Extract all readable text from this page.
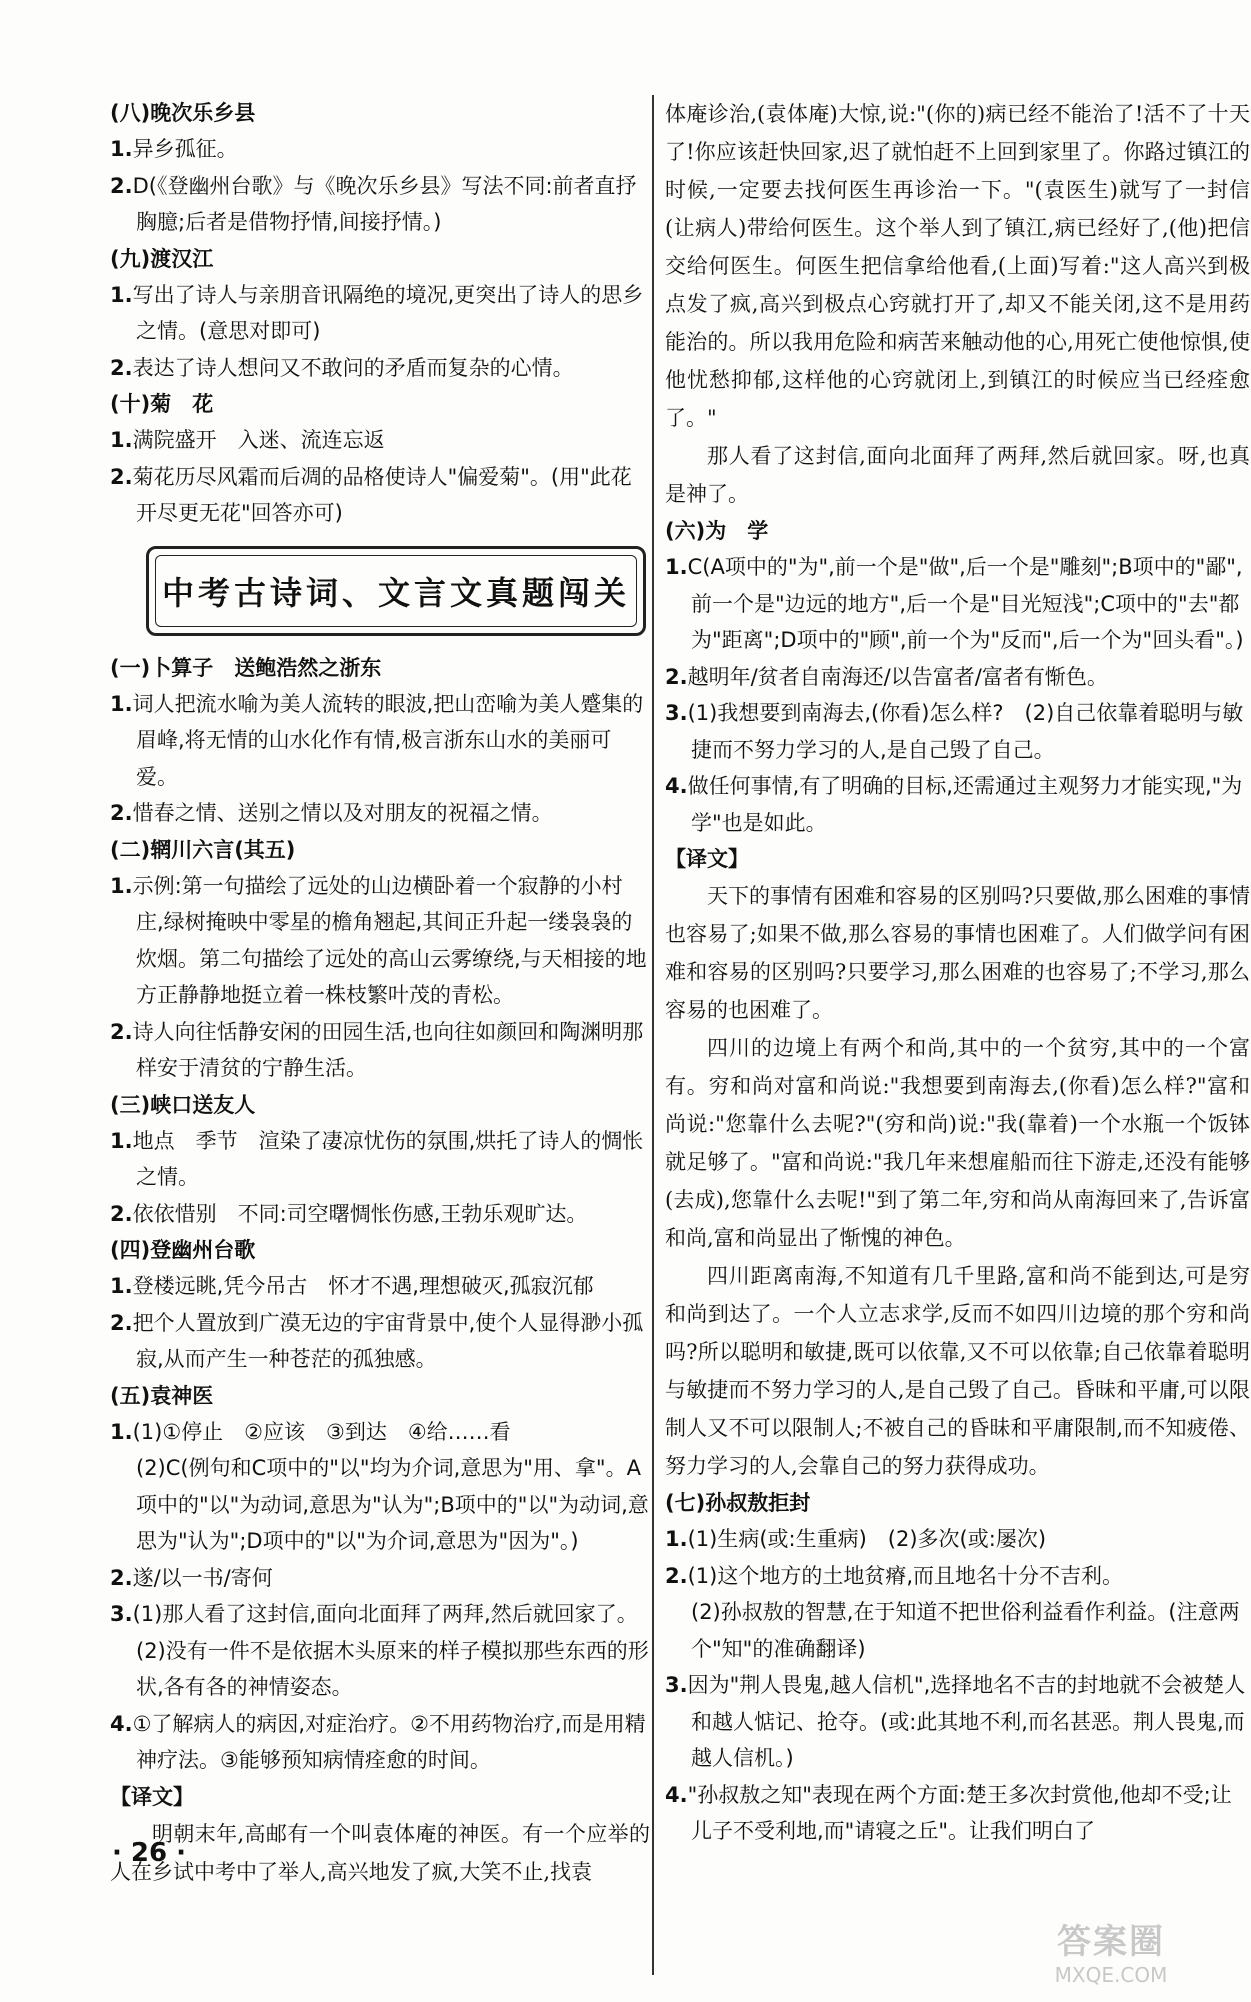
(八)晚次乐乡县

1.异乡孤征。

2.D(《登幽州台歌》与《晚次乐乡县》写法不同:前者直抒胸臆;后者是借物抒情,间接抒情。)

(九)渡汉江

1.写出了诗人与亲朋音讯隔绝的境况,更突出了诗人的思乡之情。(意思对即可)

2.表达了诗人想问又不敢问的矛盾而复杂的心情。

(十)菊　花

1.满院盛开　入迷、流连忘返

2.菊花历尽风霜而后凋的品格使诗人"偏爱菊"。(用"此花开尽更无花"回答亦可)

中考古诗词、文言文真题闯关

(一)卜算子　送鲍浩然之浙东

1.词人把流水喻为美人流转的眼波,把山峦喻为美人蹙集的眉峰,将无情的山水化作有情,极言浙东山水的美丽可爱。

2.惜春之情、送别之情以及对朋友的祝福之情。

(二)辋川六言(其五)

1.示例:第一句描绘了远处的山边横卧着一个寂静的小村庄,绿树掩映中零星的檐角翘起,其间正升起一缕袅袅的炊烟。第二句描绘了远处的高山云雾缭绕,与天相接的地方正静静地挺立着一株枝繁叶茂的青松。

2.诗人向往恬静安闲的田园生活,也向往如颜回和陶渊明那样安于清贫的宁静生活。

(三)峡口送友人

1.地点　季节　渲染了凄凉忧伤的氛围,烘托了诗人的惆怅之情。

2.依依惜别　不同:司空曙惆怅伤感,王勃乐观旷达。

(四)登幽州台歌

1.登楼远眺,凭今吊古　怀才不遇,理想破灭,孤寂沉郁

2.把个人置放到广漠无边的宇宙背景中,使个人显得渺小孤寂,从而产生一种苍茫的孤独感。

(五)袁神医

1.(1)①停止　②应该　③到达　④给……看

(2)C(例句和C项中的"以"均为介词,意思为"用、拿"。A项中的"以"为动词,意思为"认为";B项中的"以"为动词,意思为"认为";D项中的"以"为介词,意思为"因为"。)

2.遂/以一书/寄何

3.(1)那人看了这封信,面向北面拜了两拜,然后就回家了。

(2)没有一件不是依据木头原来的样子模拟那些东西的形状,各有各的神情姿态。

4.①了解病人的病因,对症治疗。②不用药物治疗,而是用精神疗法。③能够预知病情痊愈的时间。

【译文】

明朝末年,高邮有一个叫袁体庵的神医。有一个应举的人在乡试中考中了举人,高兴地发了疯,大笑不止,找袁

体庵诊治,(袁体庵)大惊,说:"(你的)病已经不能治了!活不了十天了!你应该赶快回家,迟了就怕赶不上回到家里了。你路过镇江的时候,一定要去找何医生再诊治一下。"(袁医生)就写了一封信(让病人)带给何医生。这个举人到了镇江,病已经好了,(他)把信交给何医生。何医生把信拿给他看,(上面)写着:"这人高兴到极点发了疯,高兴到极点心窍就打开了,却又不能关闭,这不是用药能治的。所以我用危险和病苦来触动他的心,用死亡使他惊惧,使他忧愁抑郁,这样他的心窍就闭上,到镇江的时候应当已经痊愈了。"

那人看了这封信,面向北面拜了两拜,然后就回家。呀,也真是神了。

(六)为　学

1.C(A项中的"为",前一个是"做",后一个是"雕刻";B项中的"鄙",前一个是"边远的地方",后一个是"目光短浅";C项中的"去"都为"距离";D项中的"顾",前一个为"反而",后一个为"回头看"。)

2.越明年/贫者自南海还/以告富者/富者有惭色。

3.(1)我想要到南海去,(你看)怎么样?　(2)自己依靠着聪明与敏捷而不努力学习的人,是自己毁了自己。

4.做任何事情,有了明确的目标,还需通过主观努力才能实现,"为学"也是如此。

【译文】

天下的事情有困难和容易的区别吗?只要做,那么困难的事情也容易了;如果不做,那么容易的事情也困难了。人们做学问有困难和容易的区别吗?只要学习,那么困难的也容易了;不学习,那么容易的也困难了。

四川的边境上有两个和尚,其中的一个贫穷,其中的一个富有。穷和尚对富和尚说:"我想要到南海去,(你看)怎么样?"富和尚说:"您靠什么去呢?"(穷和尚)说:"我(靠着)一个水瓶一个饭钵就足够了。"富和尚说:"我几年来想雇船而往下游走,还没有能够(去成),您靠什么去呢!"到了第二年,穷和尚从南海回来了,告诉富和尚,富和尚显出了惭愧的神色。

四川距离南海,不知道有几千里路,富和尚不能到达,可是穷和尚到达了。一个人立志求学,反而不如四川边境的那个穷和尚吗?所以聪明和敏捷,既可以依靠,又不可以依靠;自己依靠着聪明与敏捷而不努力学习的人,是自己毁了自己。昏昧和平庸,可以限制人又不可以限制人;不被自己的昏昧和平庸限制,而不知疲倦、努力学习的人,会靠自己的努力获得成功。

(七)孙叔敖拒封

1.(1)生病(或:生重病)　(2)多次(或:屡次)

2.(1)这个地方的土地贫瘠,而且地名十分不吉利。

(2)孙叔敖的智慧,在于知道不把世俗利益看作利益。(注意两个"知"的准确翻译)

3.因为"荆人畏鬼,越人信机",选择地名不吉的封地就不会被楚人和越人惦记、抢夺。(或:此其地不利,而名甚恶。荆人畏鬼,而越人信机。)

4."孙叔敖之知"表现在两个方面:楚王多次封赏他,他却不受;让儿子不受利地,而"请寝之丘"。让我们明白了

· 26 ·
答案圈
MXQE.COM
